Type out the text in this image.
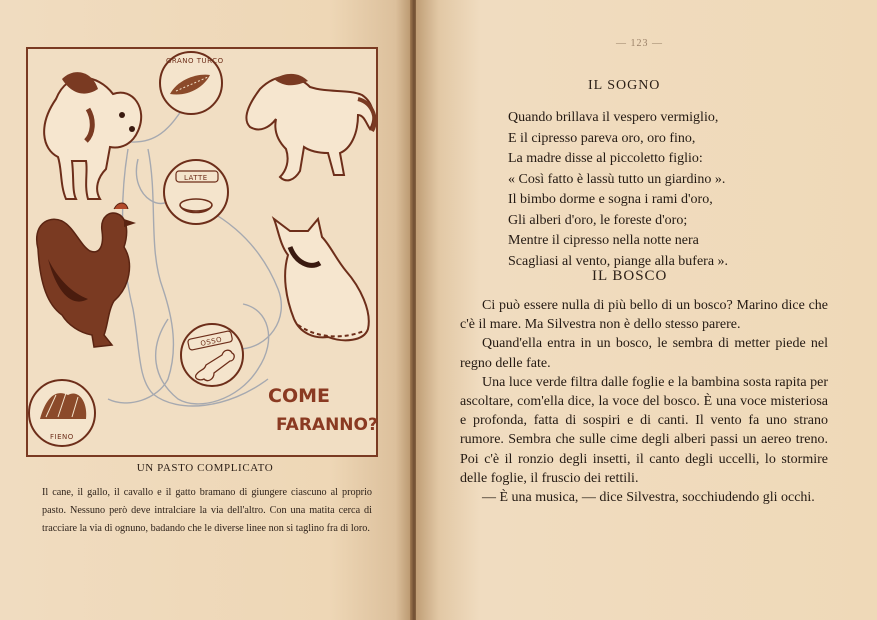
GRANO TURCO
LATTE
OSSO
FIENO
COME
FARANNO?
UN PASTO COMPLICATO

Il cane, il gallo, il cavallo e il gatto bramano di giungere ciascuno al proprio pasto. Nessuno però deve intralciare la via dell'altro. Con una matita cerca di tracciare la via di ognuno, badando che le diverse linee non si taglino fra di loro.

— 123 —
IL SOGNO
Quando brillava il vespero vermiglio,
E il cipresso pareva oro, oro fino,
La madre disse al piccoletto figlio:
« Così fatto è lassù tutto un giardino ».
Il bimbo dorme e sogna i rami d'oro,
Gli alberi d'oro, le foreste d'oro;
Mentre il cipresso nella notte nera
Scagliasi al vento, piange alla bufera ».
IL BOSCO

Ci può essere nulla di più bello di un bosco? Marino dice che c'è il mare. Ma Silvestra non è dello stesso parere.

Quand'ella entra in un bosco, le sembra di metter piede nel regno delle fate.

Una luce verde filtra dalle foglie e la bambina sosta rapita per ascoltare, com'ella dice, la voce del bosco. È una voce misteriosa e profonda, fatta di sospiri e di canti. Il vento fa uno strano rumore. Sembra che sulle cime degli alberi passi un aereo treno. Poi c'è il ronzio degli insetti, il canto degli uccelli, lo stormire delle foglie, il fruscio dei rettili.

— È una musica, — dice Silvestra, socchiudendo gli occhi.
